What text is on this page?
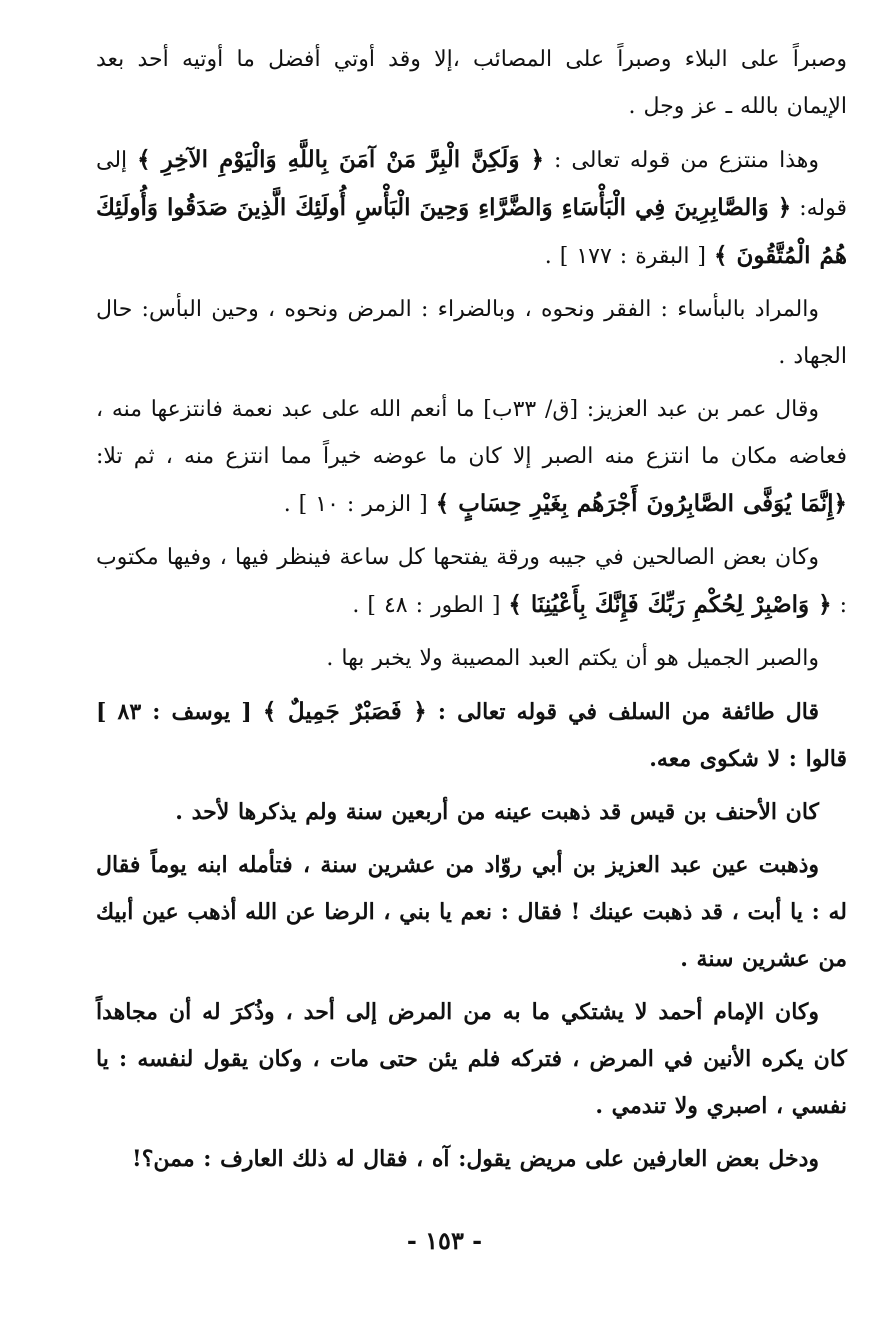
وصبراً على البلاء وصبراً على المصائب ،إلا وقد أوتي أفضل ما أوتيه أحد بعد الإيمان بالله ـ عز وجل .

وهذا منتزع من قوله تعالى : ﴿ وَلَكِنَّ الْبِرَّ مَنْ آمَنَ بِاللَّهِ وَالْيَوْمِ الآخِرِ ﴾ إلى قوله: ﴿ وَالصَّابِرِينَ فِي الْبَأْسَاءِ وَالضَّرَّاءِ وَحِينَ الْبَأْسِ أُولَئِكَ الَّذِينَ صَدَقُوا وَأُولَئِكَ هُمُ الْمُتَّقُونَ ﴾ [ البقرة : ١٧٧ ] .

والمراد بالبأساء : الفقر ونحوه ، وبالضراء : المرض ونحوه ، وحين البأس: حال الجهاد .

وقال عمر بن عبد العزيز: [ق/ ٣٣ب] ما أنعم الله على عبد نعمة فانتزعها منه ، فعاضه مكان ما انتزع منه الصبر إلا كان ما عوضه خيراً مما انتزع منه ، ثم تلا: ﴿إِنَّمَا يُوَفَّى الصَّابِرُونَ أَجْرَهُم بِغَيْرِ حِسَابٍ ﴾ [ الزمر : ١٠ ] .

وكان بعض الصالحين في جيبه ورقة يفتحها كل ساعة فينظر فيها ، وفيها مكتوب : ﴿ وَاصْبِرْ لِحُكْمِ رَبِّكَ فَإِنَّكَ بِأَعْيُنِنَا ﴾ [ الطور : ٤٨ ] .

والصبر الجميل هو أن يكتم العبد المصيبة ولا يخبر بها .

قال طائفة من السلف في قوله تعالى : ﴿ فَصَبْرٌ جَمِيلٌ ﴾ [ يوسف : ٨٣ ] قالوا : لا شكوى معه.

كان الأحنف بن قيس قد ذهبت عينه من أربعين سنة ولم يذكرها لأحد .

وذهبت عين عبد العزيز بن أبي روّاد من عشرين سنة ، فتأمله ابنه يوماً فقال له : يا أبت ، قد ذهبت عينك ! فقال : نعم يا بني ، الرضا عن الله أذهب عين أبيك من عشرين سنة .

وكان الإمام أحمد لا يشتكي ما به من المرض إلى أحد ، وذُكرَ له أن مجاهداً كان يكره الأنين في المرض ، فتركه فلم يئن حتى مات ، وكان يقول لنفسه : يا نفسي ، اصبري ولا تندمي .

ودخل بعض العارفين على مريض يقول: آه ، فقال له ذلك العارف : ممن؟!

- ١٥٣ -
